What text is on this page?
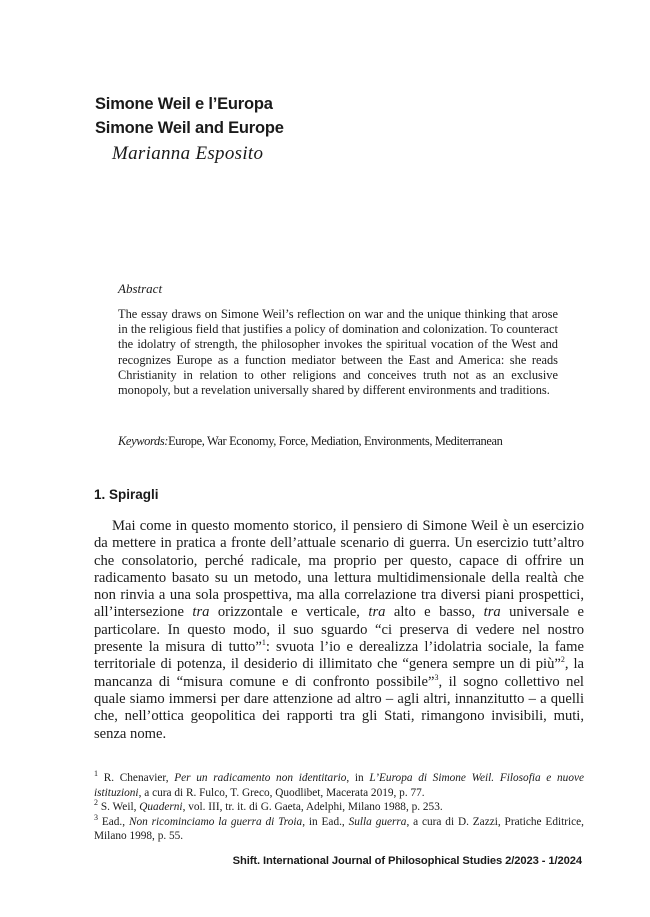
Simone Weil e l’Europa
Simone Weil and Europe

Marianna Esposito

Abstract

The essay draws on Simone Weil’s reflection on war and the unique thinking that arose in the religious field that justifies a policy of domination and colonization. To counteract the idolatry of strength, the philosopher invokes the spiritual vocation of the West and recognizes Europe as a function mediator between the East and America: she reads Christianity in relation to other religions and conceives truth not as an exclusive monopoly, but a revelation universally shared by different environments and traditions.

Keywords:Europe, War Economy, Force, Mediation, Environments, Mediterranean

1. Spiragli

Mai come in questo momento storico, il pensiero di Simone Weil è un esercizio da mettere in pratica a fronte dell’attuale scenario di guerra. Un esercizio tutt’altro che consolatorio, perché radicale, ma proprio per questo, capace di offrire un radicamento basato su un metodo, una lettura multidimensionale della realtà che non rinvia a una sola prospettiva, ma alla correlazione tra diversi piani prospettici, all’intersezione tra orizzontale e verticale, tra alto e basso, tra universale e particolare. In questo modo, il suo sguardo “ci preserva di vedere nel nostro presente la misura di tutto”$^1$: svuota l’io e derealizza l’idolatria sociale, la fame territoriale di potenza, il desiderio di illimitato che “genera sempre un di più”$^2$, la mancanza di “misura comune e di confronto possibile”$^3$, il sogno collettivo nel quale siamo immersi per dare attenzione ad altro – agli altri, innanzitutto – a quelli che, nell’ottica geopolitica dei rapporti tra gli Stati, rimangono invisibili, muti, senza nome.

$^1$ R. Chenavier, Per un radicamento non identitario, in L’Europa di Simone Weil. Filosofia e nuove istituzioni, a cura di R. Fulco, T. Greco, Quodlibet, Macerata 2019, p. 77.
$^2$ S. Weil, Quaderni, vol. III, tr. it. di G. Gaeta, Adelphi, Milano 1988, p. 253.
$^3$ Ead., Non ricominciamo la guerra di Troia, in Ead., Sulla guerra, a cura di D. Zazzi, Pratiche Editrice, Milano 1998, p. 55.

Shift. International Journal of Philosophical Studies 2/2023 - 1/2024
